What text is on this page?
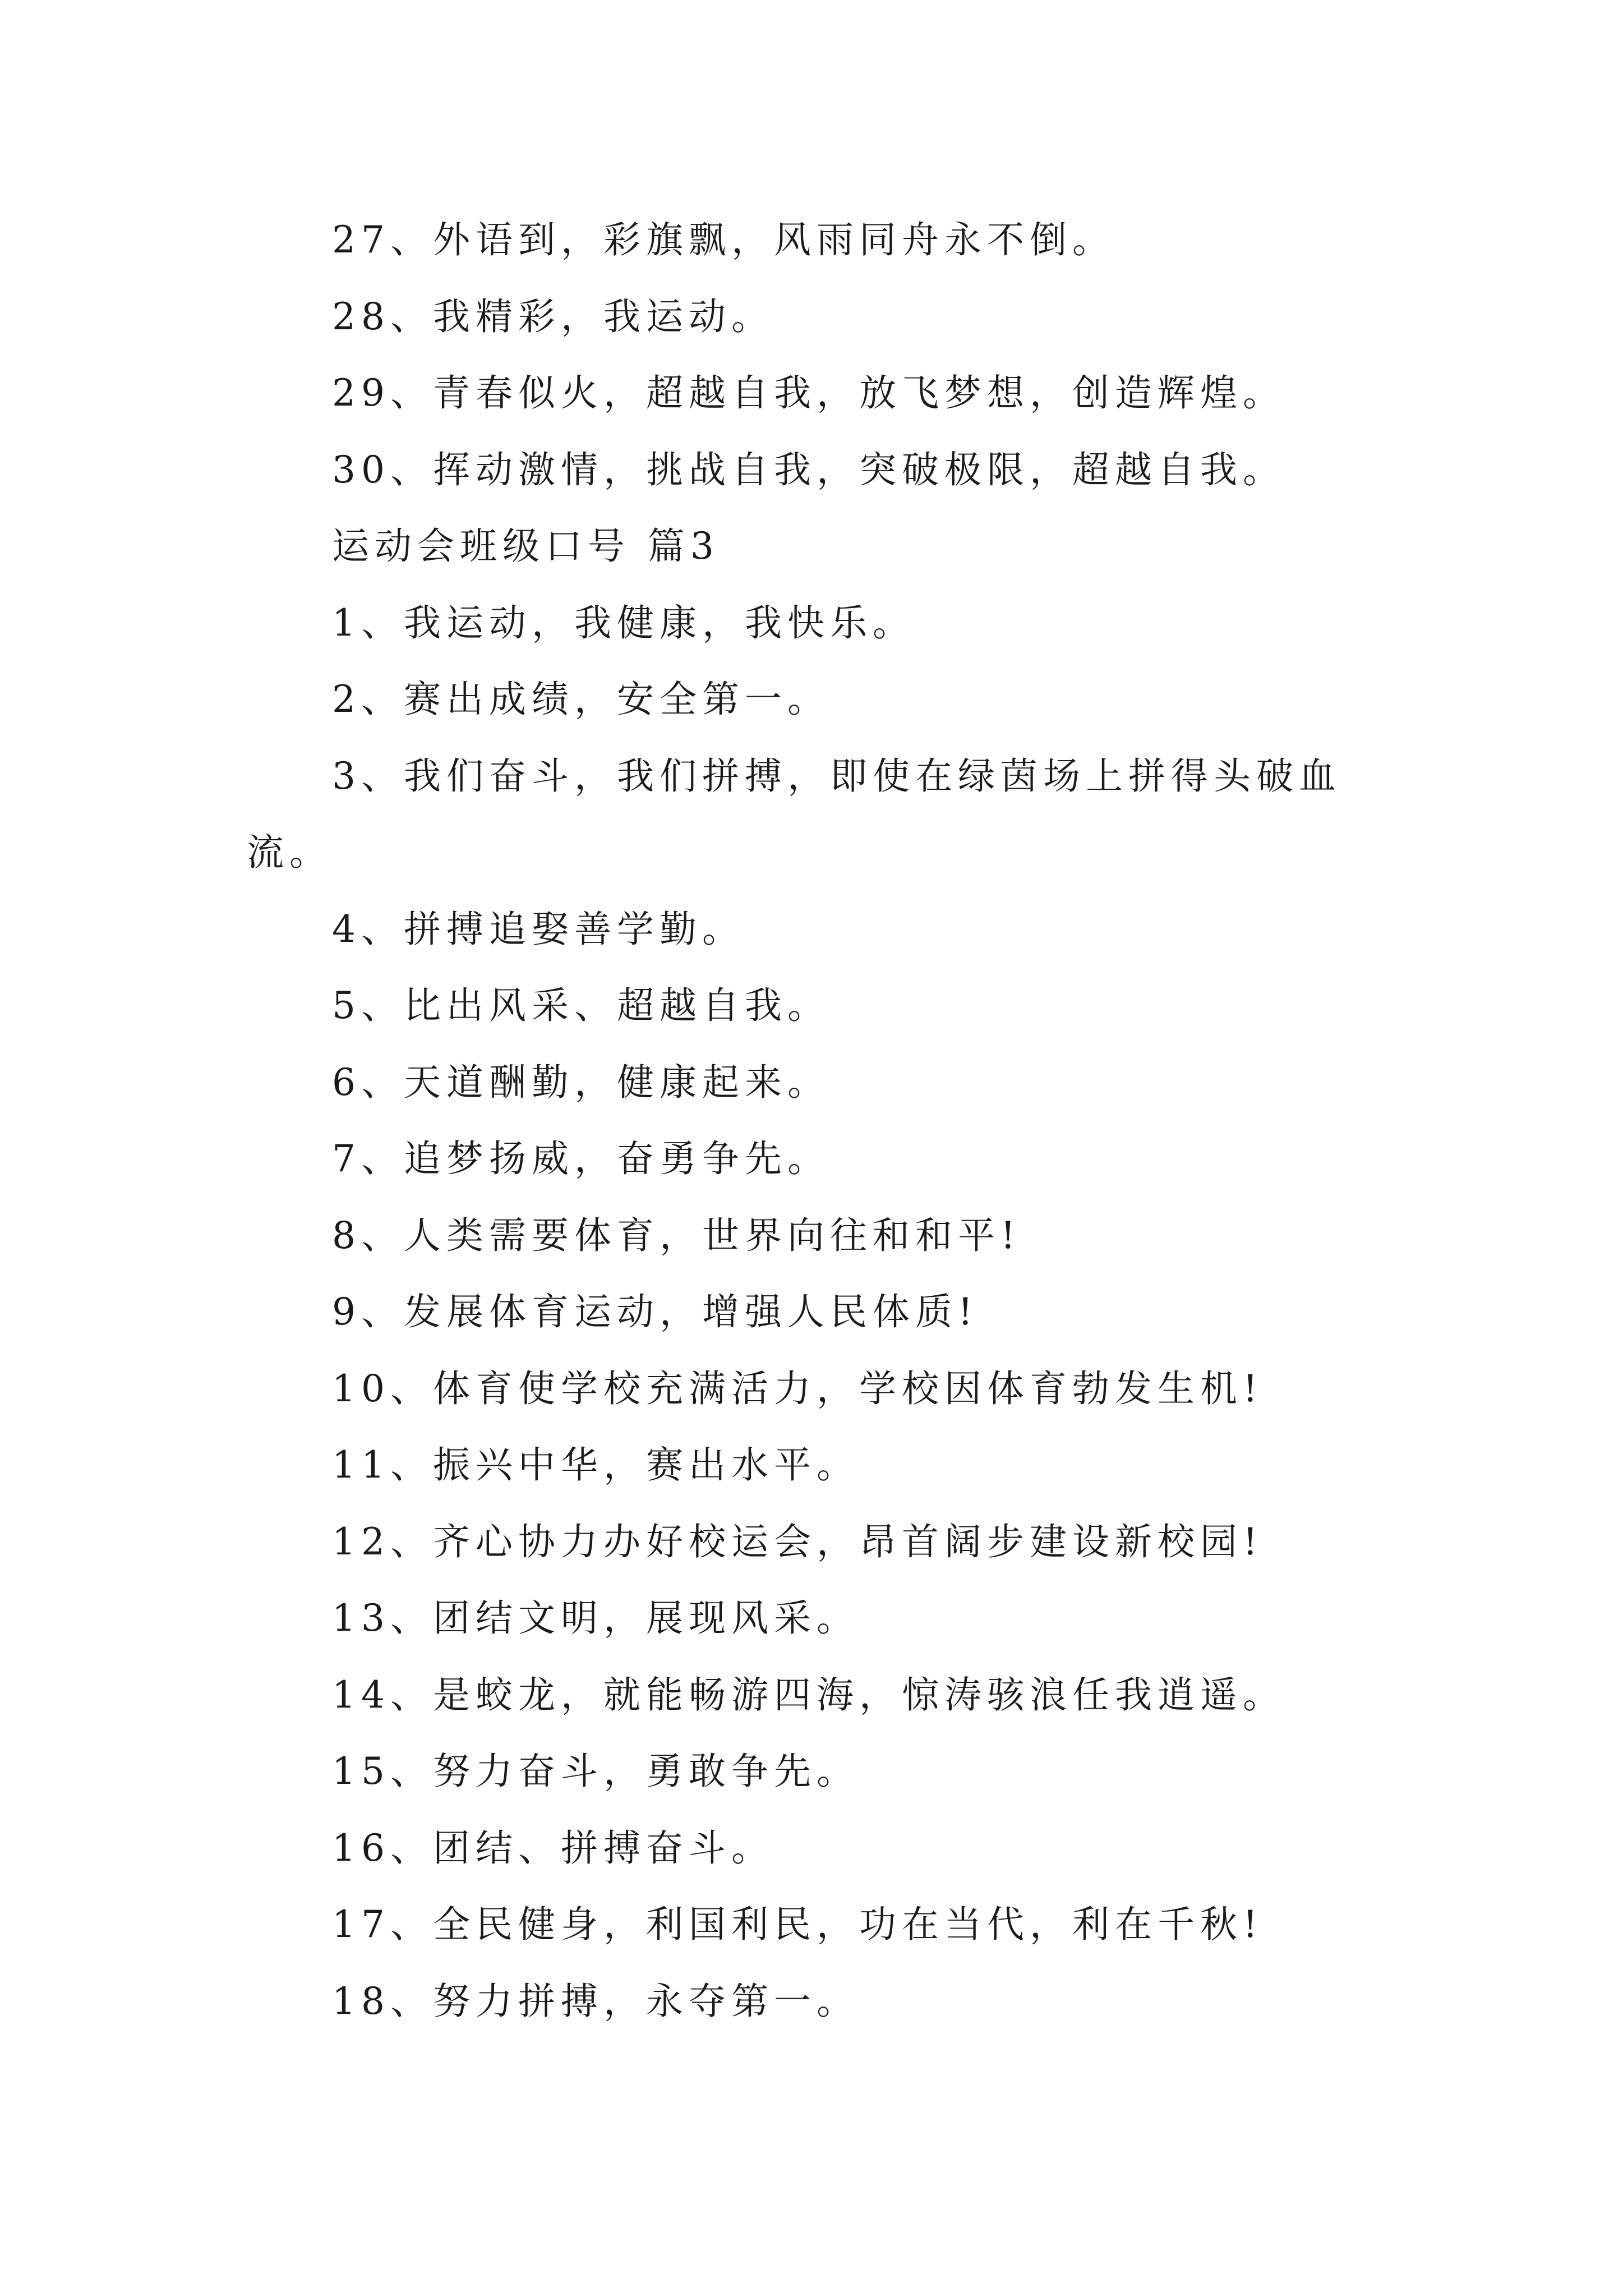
27、外语到，彩旗飘，风雨同舟永不倒。
28、我精彩，我运动。
29、青春似火，超越自我，放飞梦想，创造辉煌。
30、挥动激情，挑战自我，突破极限，超越自我。
运动会班级口号 篇3
1、我运动，我健康，我快乐。
2、赛出成绩，安全第一。
3、我们奋斗，我们拼搏，即使在绿茵场上拼得头破血
流。
4、拼搏追娶善学勤。
5、比出风采、超越自我。
6、天道酬勤，健康起来。
7、追梦扬威，奋勇争先。
8、人类需要体育，世界向往和和平!
9、发展体育运动，增强人民体质!
10、体育使学校充满活力，学校因体育勃发生机!
11、振兴中华，赛出水平。
12、齐心协力办好校运会，昂首阔步建设新校园!
13、团结文明，展现风采。
14、是蛟龙，就能畅游四海，惊涛骇浪任我逍遥。
15、努力奋斗，勇敢争先。
16、团结、拼搏奋斗。
17、全民健身，利国利民，功在当代，利在千秋!
18、努力拼搏，永夺第一。
